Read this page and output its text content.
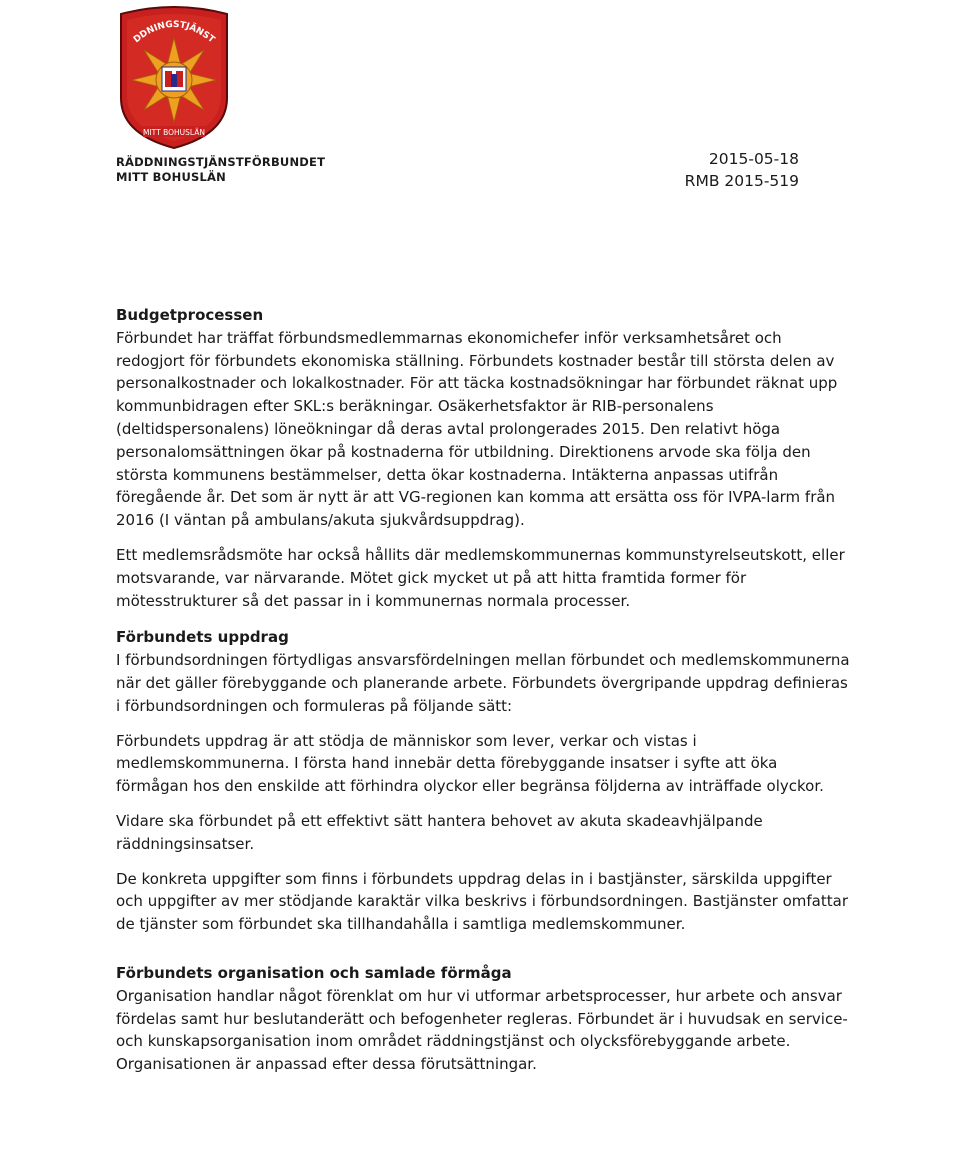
DDNINGSTJÄNST
MITT BOHUSLÄN
RÄDDNINGSTJÄNSTFÖRBUNDET
MITT BOHUSLÄN
2015-05-18
RMB 2015-519
Budgetprocessen

Förbundet har träffat förbundsmedlemmarnas ekonomichefer inför verksamhetsåret och redogjort för förbundets ekonomiska ställning. Förbundets kostnader består till största delen av personalkostnader och lokalkostnader. För att täcka kostnadsökningar har förbundet räknat upp kommunbidragen efter SKL:s beräkningar. Osäkerhetsfaktor är RIB-personalens (deltidspersonalens) löneökningar då deras avtal prolongerades 2015. Den relativt höga personalomsättningen ökar på kostnaderna för utbildning. Direktionens arvode ska följa den största kommunens bestämmelser, detta ökar kostnaderna. Intäkterna anpassas utifrån föregående år. Det som är nytt är att VG-regionen kan komma att ersätta oss för IVPA-larm från 2016 (I väntan på ambulans/akuta sjukvårdsuppdrag).

Ett medlemsrådsmöte har också hållits där medlemskommunernas kommunstyrelseutskott, eller motsvarande, var närvarande. Mötet gick mycket ut på att hitta framtida former för mötesstrukturer så det passar in i kommunernas normala processer.

Förbundets uppdrag

I förbundsordningen förtydligas ansvarsfördelningen mellan förbundet och medlemskommunerna när det gäller förebyggande och planerande arbete. Förbundets övergripande uppdrag definieras i förbundsordningen och formuleras på följande sätt:

Förbundets uppdrag är att stödja de människor som lever, verkar och vistas i medlemskommunerna. I första hand innebär detta förebyggande insatser i syfte att öka förmågan hos den enskilde att förhindra olyckor eller begränsa följderna av inträffade olyckor.

Vidare ska förbundet på ett effektivt sätt hantera behovet av akuta skadeavhjälpande räddningsinsatser.

De konkreta uppgifter som finns i förbundets uppdrag delas in i bastjänster, särskilda uppgifter och uppgifter av mer stödjande karaktär vilka beskrivs i förbundsordningen. Bastjänster omfattar de tjänster som förbundet ska tillhandahålla i samtliga medlemskommuner.

Förbundets organisation och samlade förmåga

Organisation handlar något förenklat om hur vi utformar arbetsprocesser, hur arbete och ansvar fördelas samt hur beslutanderätt och befogenheter regleras. Förbundet är i huvudsak en service- och kunskapsorganisation inom området räddningstjänst och olycksförebyggande arbete. Organisationen är anpassad efter dessa förutsättningar.
